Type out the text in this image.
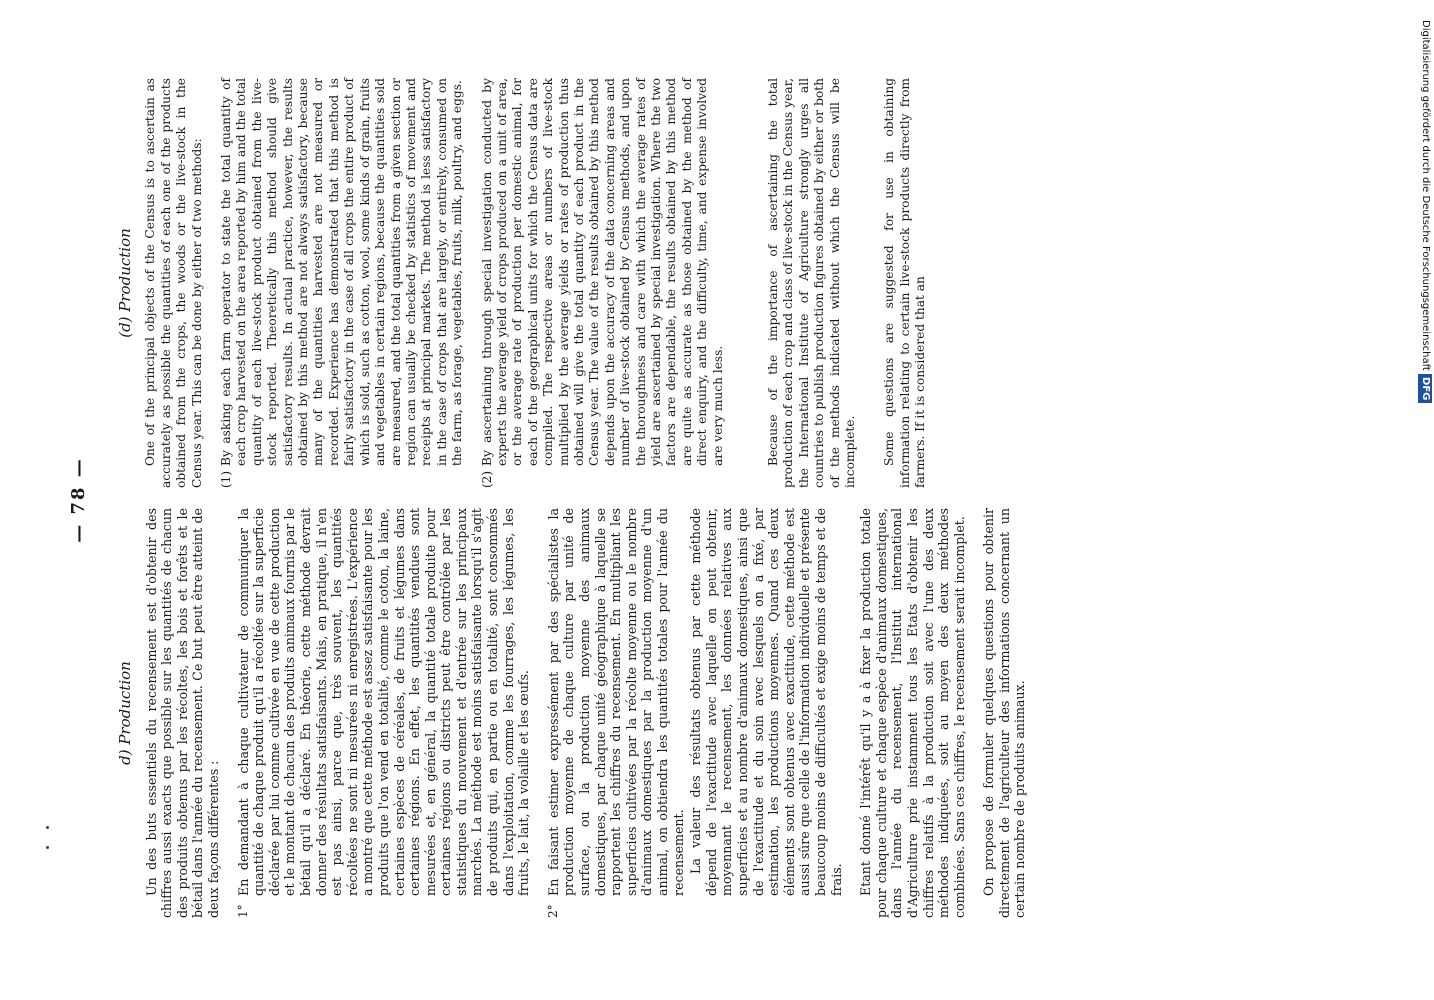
— 78 —
d) Production Un des buts essentiels du recensement est d'obtenir des chiffres aussi exacts que possible sur les quantités de chacun des produits obtenus par les récoltes, les bois et forêts et le bétail dans l'année du recensement. Ce but peut être atteint de deux façons différentes : 1°
En demandant à chaque cultivateur de communiquer la quantité de chaque produit qu'il a récoltée sur la superficie déclarée par lui comme cultivée en vue de cette production et le montant de chacun des produits animaux fournis par le bétail qu'il a déclaré. En théorie, cette méthode devrait donner des résultats satisfaisants. Mais, en pratique, il n'en est pas ainsi, parce que, très souvent, les quantités récoltées ne sont ni mesurées ni enregistrées. L'expérience a montré que cette méthode est assez satisfaisante pour les produits que l'on vend en totalité, comme le coton, la laine, certaines espèces de céréales, de fruits et légumes dans certaines régions. En effet, les quantités vendues sont mesurées et, en général, la quantité totale produite pour certaines régions ou districts peut être contrôlée par les statistiques du mouvement et d'entrée sur les principaux marchés. La méthode est moins satisfaisante lorsqu'il s'agit de produits qui, en partie ou en totalité, sont consommés dans l'exploitation, comme les fourrages, les légumes, les fruits, le lait, la volaille et les œufs.
2°
En faisant estimer expressément par des spécialistes la production moyenne de chaque culture par unité de surface, ou la production moyenne des animaux domestiques, par chaque unité géographique à laquelle se rapportent les chiffres du recensement. En multipliant les superficies cultivées par la récolte moyenne ou le nombre d'animaux domestiques par la production moyenne d'un animal, on obtiendra les quantités totales pour l'année du recensement. La valeur des résultats obtenus par cette méthode dépend de l'exactitude avec laquelle on peut obtenir, moyennant le recensement, les données relatives aux superficies et au nombre d'animaux domestiques, ainsi que de l'exactitude et du soin avec lesquels on a fixé, par estimation, les productions moyennes. Quand ces deux éléments sont obtenus avec exactitude, cette méthode est aussi sûre que celle de l'information individuelle et présente beaucoup moins de difficultés et exige moins de temps et de frais. Etant donné l'intérêt qu'il y a à fixer la production totale pour chaque culture et chaque espèce d'animaux domestiques, dans l'année du recensement, l'Institut international d'Agriculture prie instamment tous les Etats d'obtenir les chiffres relatifs à la production soit avec l'une des deux méthodes indiquées, soit au moyen des deux méthodes combinées. Sans ces chiffres, le recensement serait incomplet. On propose de formuler quelques questions pour obtenir directement de l'agriculteur des informations concernant un certain nombre de produits animaux.

(d) Production One of the principal objects of the Census is to ascertain as accurately as possible the quantities of each one of the products obtained from the crops, the woods or the live-stock in the Census year. This can be done by either of two methods: (1)
By asking each farm operator to state the total quantity of each crop harvested on the area reported by him and the total quantity of each live-stock product obtained from the live-stock reported. Theoretically this method should give satisfactory results. In actual practice, however, the results obtained by this method are not always satisfactory, because many of the quantities harvested are not measured or recorded. Experience has demonstrated that this method is fairly satisfactory in the case of all crops the entire product of which is sold, such as cotton, wool, some kinds of grain, fruits and vegetables in certain regions, because the quantities sold are measured, and the total quantities from a given section or region can usually be checked by statistics of movement and receipts at principal markets. The method is less satisfactory in the case of crops that are largely, or entirely, consumed on the farm, as forage, vegetables, fruits, milk, poultry, and eggs.
(2)
By ascertaining through special investigation conducted by experts the average yield of crops produced on a unit of area, or the average rate of production per domestic animal, for each of the geographical units for which the Census data are compiled. The respective areas or numbers of live-stock multiplied by the average yields or rates of production thus obtained will give the total quantity of each product in the Census year. The value of the results obtained by this method depends upon the accuracy of the data concerning areas and number of live-stock obtained by Census methods, and upon the thoroughness and care with which the average rates of yield are ascertained by special investigation. Where the two factors are dependable, the results obtained by this method are quite as accurate as those obtained by the method of direct enquiry, and the difficulty, time, and expense involved are very much less.	Because of the importance of ascertaining the total production of each crop and class of live-stock in the Census year, the International Institute of Agriculture strongly urges all countries to publish production figures obtained by either or both of the methods indicated without which the Census will be incomplete. Some questions are suggested for use in obtaining information relating to certain live-stock products directly from farmers. If it is considered that an

Digitalisierung gefördert durch die Deutsche Forschungsgemeinschaft DFG
